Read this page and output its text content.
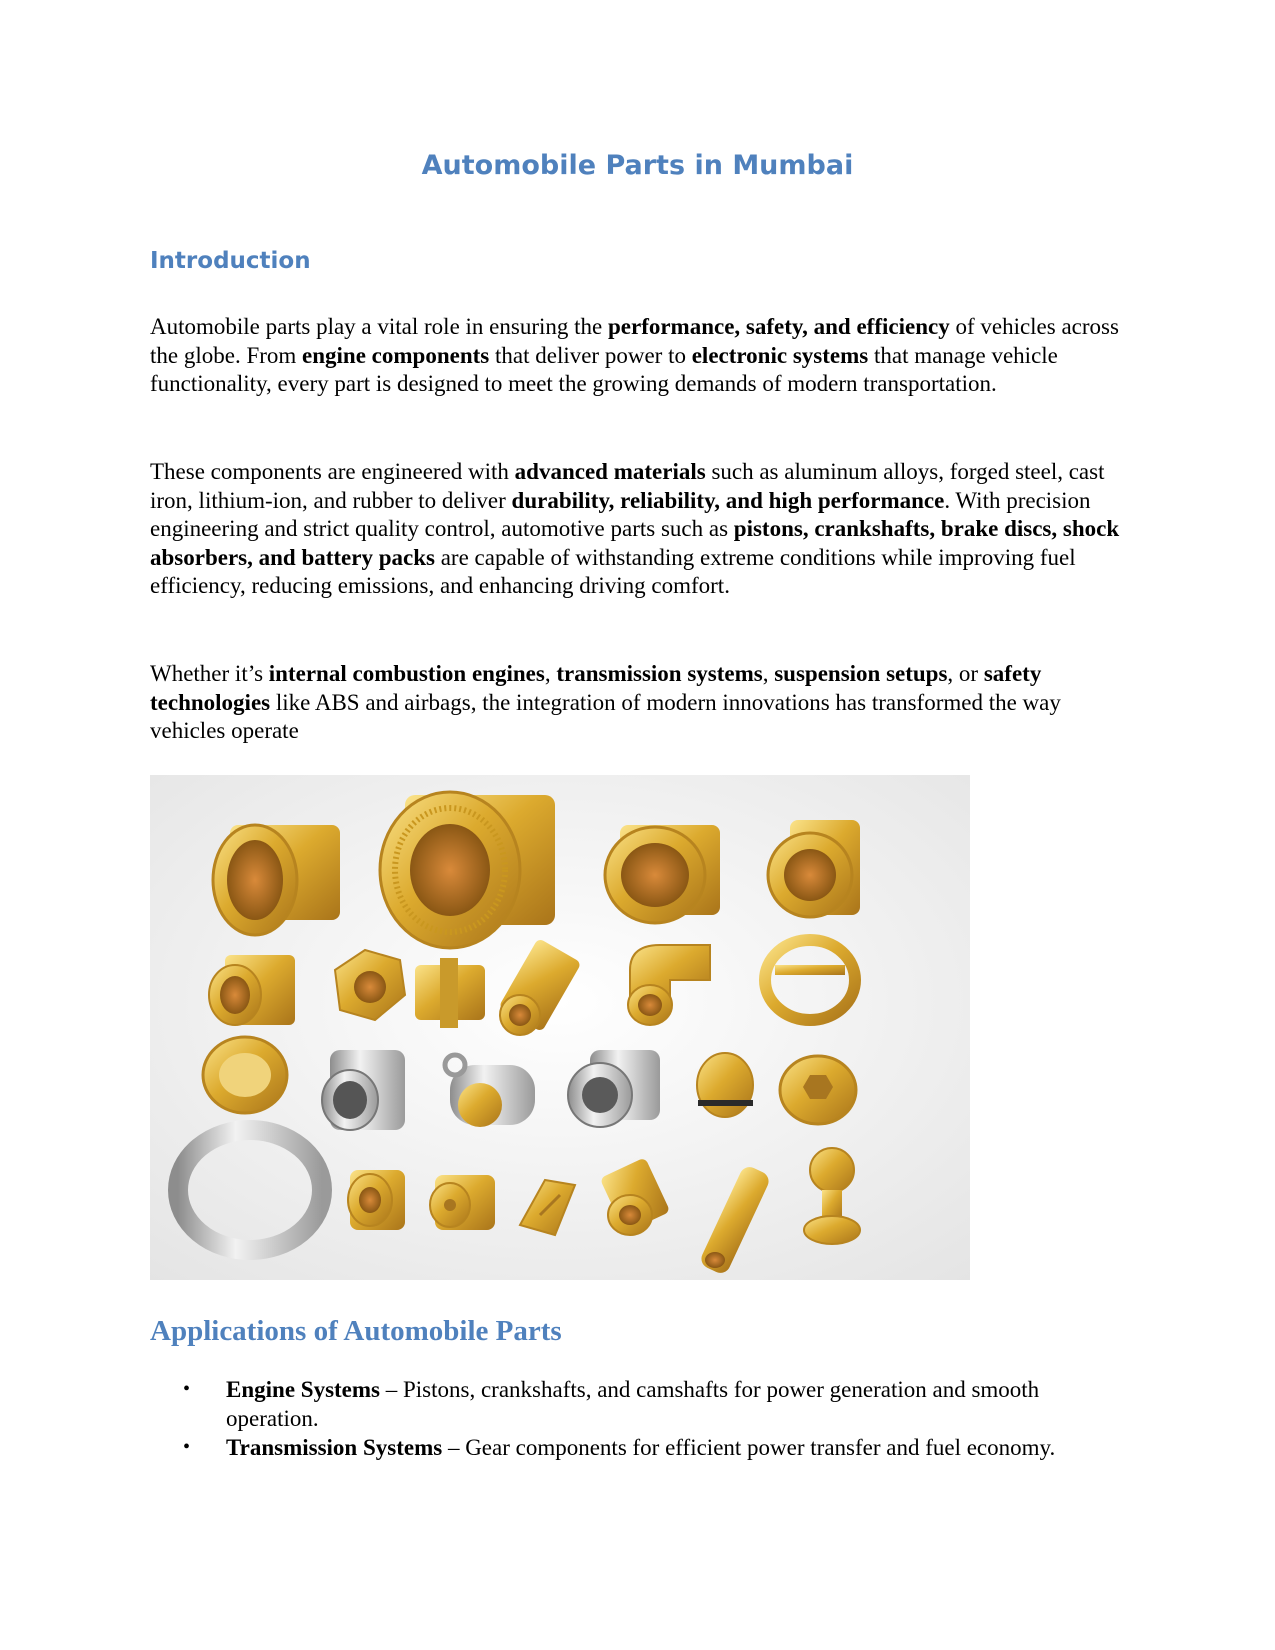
Automobile Parts in Mumbai
Introduction

Automobile parts play a vital role in ensuring the performance, safety, and efficiency of vehicles across the globe. From engine components that deliver power to electronic systems that manage vehicle functionality, every part is designed to meet the growing demands of modern transportation.

These components are engineered with advanced materials such as aluminum alloys, forged steel, cast iron, lithium-ion, and rubber to deliver durability, reliability, and high performance. With precision engineering and strict quality control, automotive parts such as pistons, crankshafts, brake discs, shock absorbers, and battery packs are capable of withstanding extreme conditions while improving fuel efficiency, reducing emissions, and enhancing driving comfort.

Whether it’s internal combustion engines, transmission systems, suspension setups, or safety technologies like ABS and airbags, the integration of modern innovations has transformed the way vehicles operate

Applications of Automobile Parts
• Engine Systems – Pistons, crankshafts, and camshafts for power generation and smooth operation.
• Transmission Systems – Gear components for efficient power transfer and fuel economy.
